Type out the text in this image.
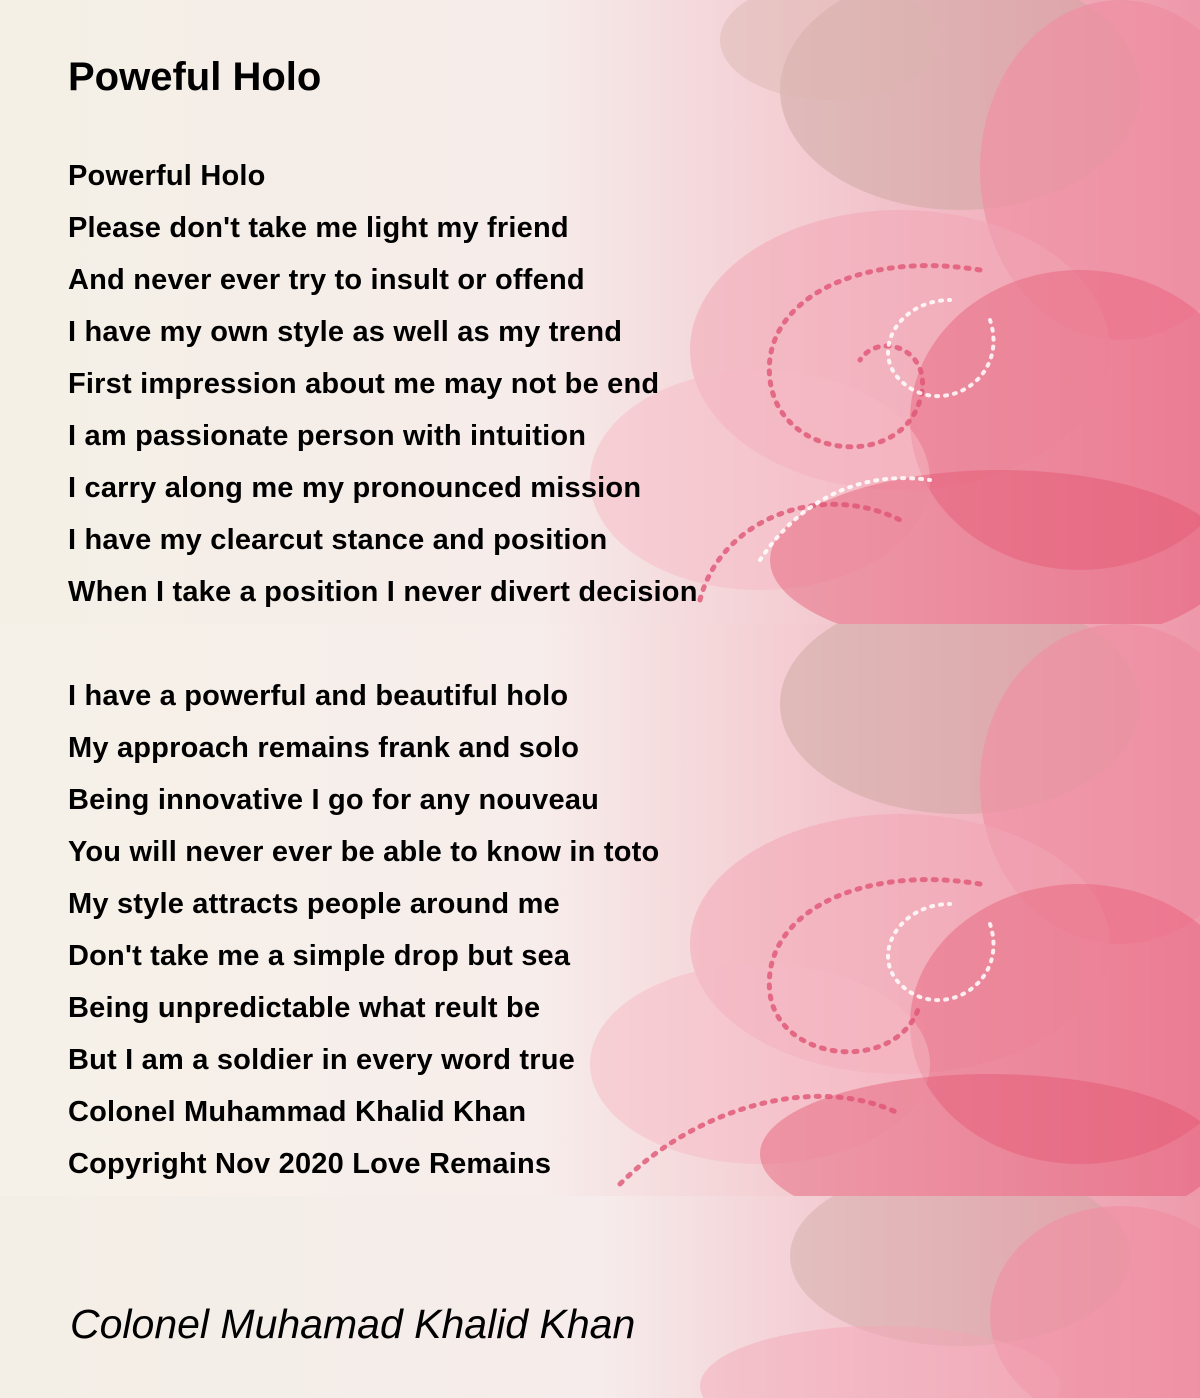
Poweful Holo
Powerful Holo
Please don't take me light my friend
And never ever try to insult or offend
I have my own style as well as my trend
First impression about me may not be end
I am passionate person with intuition
I carry along me my pronounced mission
I have my clearcut stance and position
When I take a position I never divert decision
I have a powerful and beautiful holo
My approach remains frank and solo
Being innovative I go for any nouveau
You will never ever be able to know in toto
My style attracts people around me
Don't take me a simple drop but sea
Being unpredictable what reult be
But I am a soldier in every word true
Colonel Muhammad Khalid Khan
Copyright Nov 2020 Love Remains
Colonel Muhamad Khalid Khan
